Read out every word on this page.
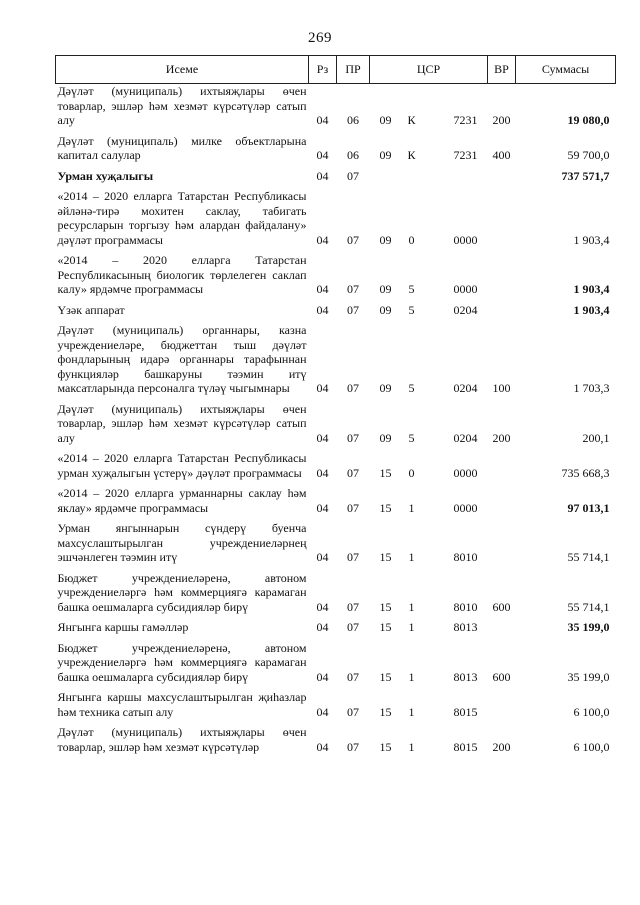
269
Исеме	Рз	ПР	ЦСР	ВР	Суммасы
Дәүләт (муниципаль) ихтыяҗлары өчен товарлар, эшләр һәм хезмәт күрсәтүләр сатып алу	04	06	09 К 7231	200	19 080,0
Дәүләт (муниципаль) милке объектларына капитал салулар	04	06	09 К 7231	400	59 700,0
Урман хуҗалыгы	04	07			737 571,7
«2014 – 2020 елларга Татарстан Республикасы әйләнә-тирә мохитен саклау, табигать ресурсларын торгызу һәм алардан файдалану» дәүләт программасы	04	07	09 0 0000		1 903,4
«2014 – 2020 елларга Татарстан Республикасының биологик төрлелеген саклап калу» ярдәмче программасы	04	07	09 5 0000		1 903,4
Үзәк аппарат	04	07	09 5 0204		1 903,4
Дәүләт (муниципаль) органнары, казна учреждениеләре, бюджеттан тыш дәүләт фондларының идарә органнары тарафыннан функцияләр башкаруны тәэмин итү максатларында персоналга түләү чыгымнары	04	07	09 5 0204	100	1 703,3
Дәүләт (муниципаль) ихтыяҗлары өчен товарлар, эшләр һәм хезмәт күрсәтүләр сатып алу	04	07	09 5 0204	200	200,1
«2014 – 2020 елларга Татарстан Республикасы урман хуҗалыгын үстерү» дәүләт программасы	04	07	15 0 0000		735 668,3
«2014 – 2020 елларга урманнарны саклау һәм яклау» ярдәмче программасы	04	07	15 1 0000		97 013,1
Урман янгыннарын сүндерү буенча махсуслаштырылган учреждениеләрнең эшчәнлеген тәэмин итү	04	07	15 1 8010		55 714,1
Бюджет учреждениеләренә, автоном учреждениеләргә һәм коммерциягә карамаган башка оешмаларга субсидияләр бирү	04	07	15 1 8010	600	55 714,1
Янгынга каршы гамәлләр	04	07	15 1 8013		35 199,0
Бюджет учреждениеләренә, автоном учреждениеләргә һәм коммерциягә карамаган башка оешмаларга субсидияләр бирү	04	07	15 1 8013	600	35 199,0
Янгынга каршы махсуслаштырылган җиһазлар һәм техника сатып алу	04	07	15 1 8015		6 100,0
Дәүләт (муниципаль) ихтыяҗлары өчен товарлар, эшләр һәм хезмәт күрсәтүләр	04	07	15 1 8015	200	6 100,0
